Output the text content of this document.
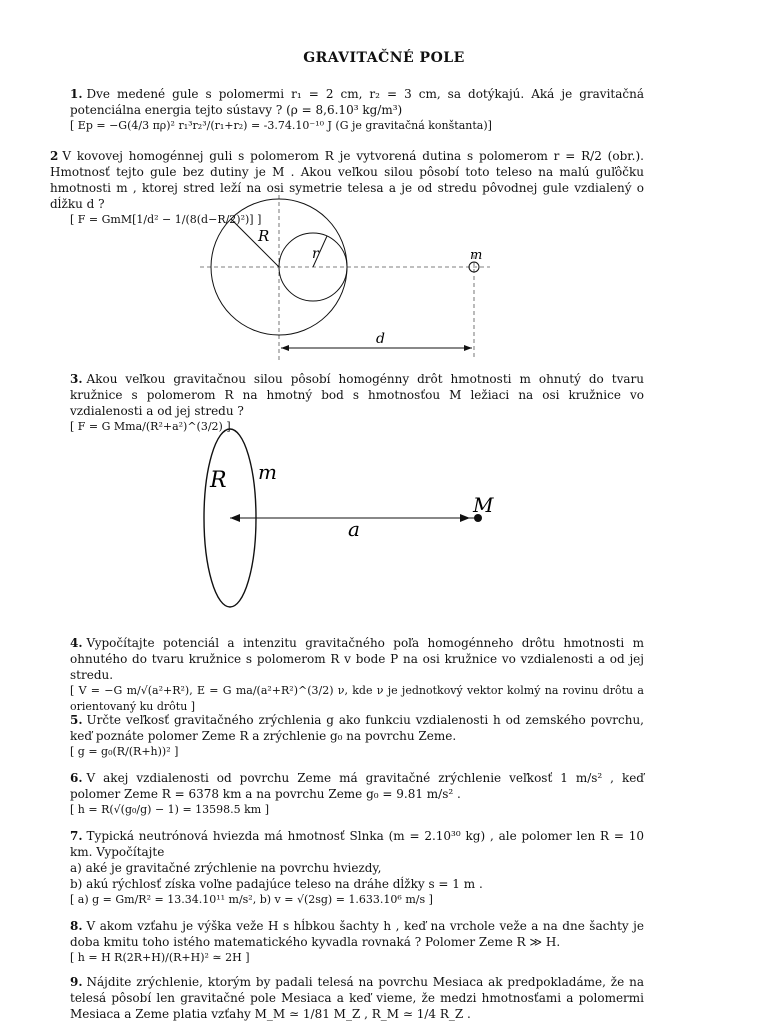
GRAVITAČNÉ POLE
1. Dve medené gule s polomermi r₁ = 2 cm, r₂ = 3 cm, sa dotýkajú. Aká je gravitačná potenciálna energia tejto sústavy ? (ρ = 8,6.10³ kg/m³)
[ Ep = −G(4/3 πρ)² r₁³r₂³/(r₁+r₂) = -3.74.10⁻¹⁰ J (G je gravitačná konštanta)]
2 V kovovej homogénnej guli s polomerom R je vytvorená dutina s polomerom r = R/2 (obr.). Hmotnosť tejto gule bez dutiny je M . Akou veľkou silou pôsobí toto teleso na malú guľôčku hmotnosti m , ktorej stred leží na osi symetrie telesa a je od stredu pôvodnej gule vzdialený o dĺžku d ?
[ F = GmM[1/d² − 1/(8(d−R/2)²)] ]
R
r	m
d
3. Akou veľkou gravitačnou silou pôsobí homogénny drôt hmotnosti m ohnutý do tvaru kružnice s polomerom R na hmotný bod s hmotnosťou M ležiaci na osi kružnice vo vzdialenosti a od jej stredu ?
[ F = G Mma/(R²+a²)^(3/2) ]
R m
M
a
4. Vypočítajte potenciál a intenzitu gravitačného poľa homogénneho drôtu hmotnosti m ohnutého do tvaru kružnice s polomerom R v bode P na osi kružnice vo vzdialenosti a od jej stredu.
[ V = −G m/√(a²+R²), E = G ma/(a²+R²)^(3/2) ν, kde ν je jednotkový vektor kolmý na rovinu drôtu a orientovaný ku drôtu ]
5. Určte veľkosť gravitačného zrýchlenia g ako funkciu vzdialenosti h od zemského povrchu, keď poznáte polomer Zeme R a zrýchlenie g₀ na povrchu Zeme.
[ g = g₀(R/(R+h))² ]
6. V akej vzdialenosti od povrchu Zeme má gravitačné zrýchlenie veľkosť 1 m/s² , keď polomer Zeme R = 6378 km a na povrchu Zeme g₀ = 9.81 m/s² .
[ h = R(√(g₀/g) − 1) = 13598.5 km ]
7. Typická neutrónová hviezda má hmotnosť Slnka (m = 2.10³⁰ kg) , ale polomer len R = 10 km. Vypočítajte
a) aké je gravitačné zrýchlenie na povrchu hviezdy,
b) akú rýchlosť získa voľne padajúce teleso na dráhe dĺžky s = 1 m .
[ a) g = Gm/R² = 13.34.10¹¹ m/s², b) v = √(2sg) = 1.633.10⁶ m/s ]
8. V akom vzťahu je výška veže H s hĺbkou šachty h , keď na vrchole veže a na dne šachty je doba kmitu toho istého matematického kyvadla rovnaká ? Polomer Zeme R ≫ H.
[ h = H R(2R+H)/(R+H)² ≃ 2H ]
9. Nájdite zrýchlenie, ktorým by padali telesá na povrchu Mesiaca ak predpokladáme, že na telesá pôsobí len gravitačné pole Mesiaca a keď vieme, že medzi hmotnosťami a polomermi Mesiaca a Zeme platia vzťahy M_M ≃ 1/81 M_Z , R_M ≃ 1/4 R_Z .
